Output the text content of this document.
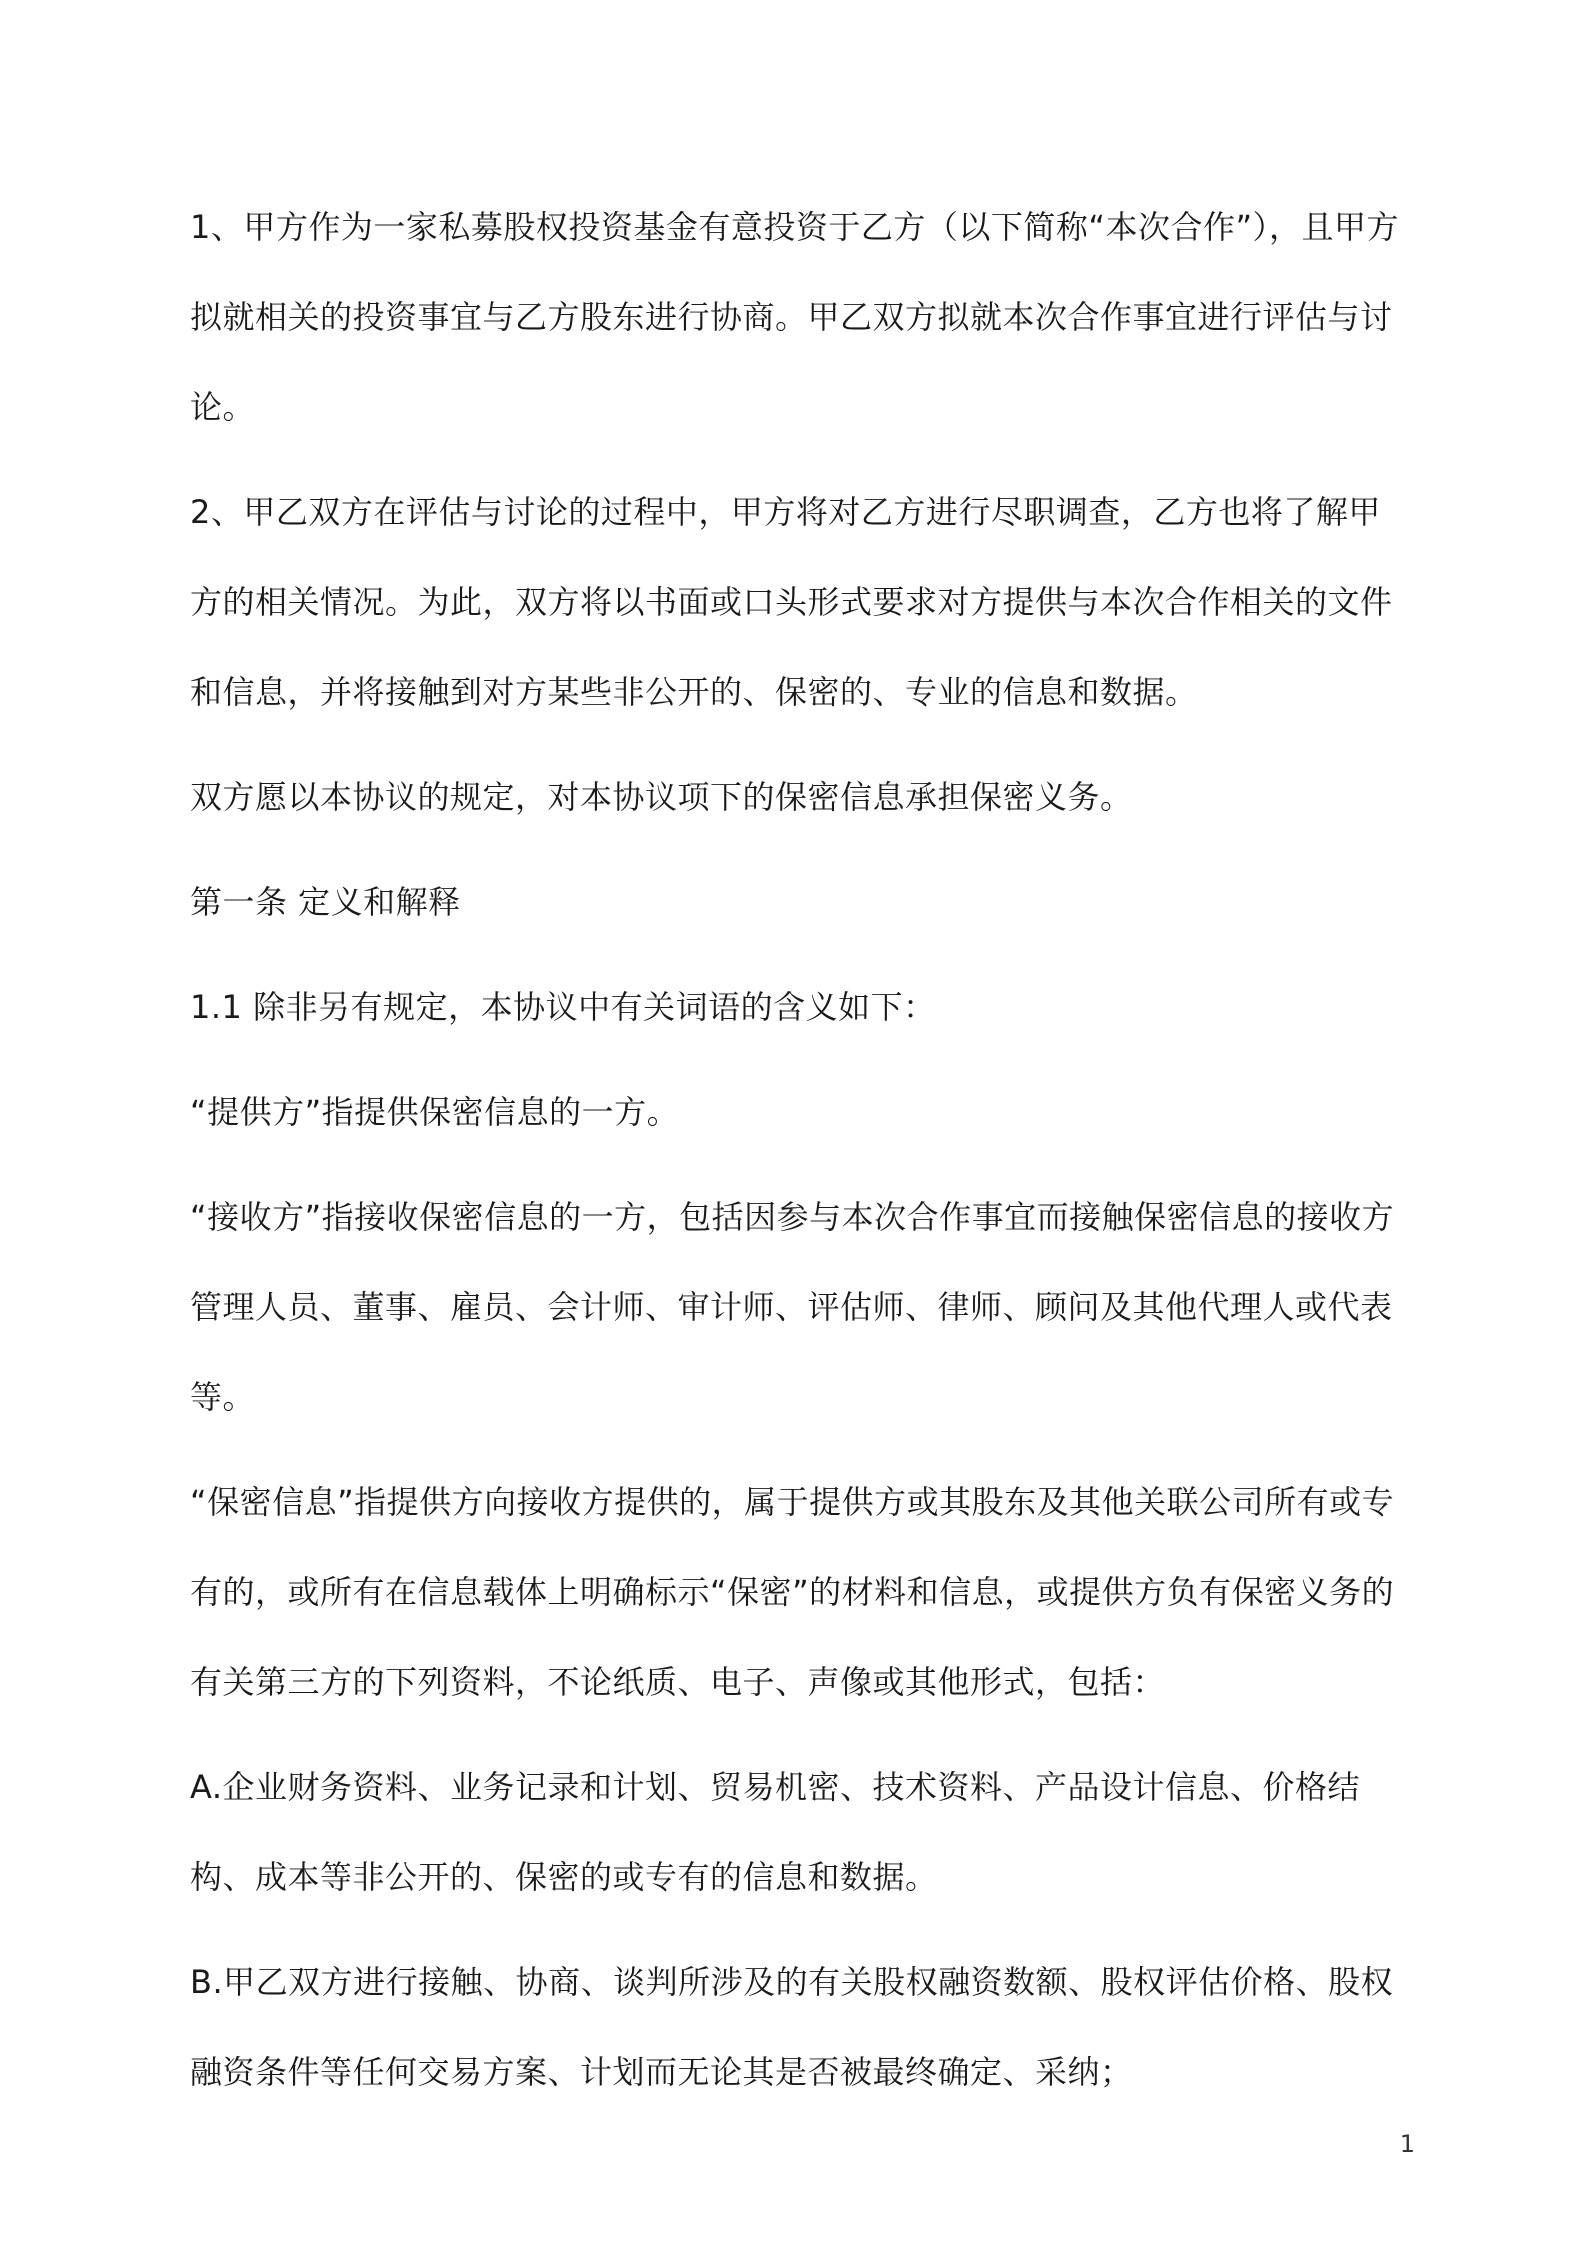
1、甲方作为一家私募股权投资基金有意投资于乙方（以下简称“本次合作”），且甲方拟就相关的投资事宜与乙方股东进行协商。甲乙双方拟就本次合作事宜进行评估与讨论。

2、甲乙双方在评估与讨论的过程中，甲方将对乙方进行尽职调查，乙方也将了解甲方的相关情况。为此，双方将以书面或口头形式要求对方提供与本次合作相关的文件和信息，并将接触到对方某些非公开的、保密的、专业的信息和数据。

双方愿以本协议的规定，对本协议项下的保密信息承担保密义务。

第一条 定义和解释

1.1 除非另有规定，本协议中有关词语的含义如下：

“提供方”指提供保密信息的一方。

“接收方”指接收保密信息的一方，包括因参与本次合作事宜而接触保密信息的接收方管理人员、董事、雇员、会计师、审计师、评估师、律师、顾问及其他代理人或代表等。

“保密信息”指提供方向接收方提供的，属于提供方或其股东及其他关联公司所有或专有的，或所有在信息载体上明确标示“保密”的材料和信息，或提供方负有保密义务的有关第三方的下列资料，不论纸质、电子、声像或其他形式，包括：

A.企业财务资料、业务记录和计划、贸易机密、技术资料、产品设计信息、价格结构、成本等非公开的、保密的或专有的信息和数据。

B.甲乙双方进行接触、协商、谈判所涉及的有关股权融资数额、股权评估价格、股权融资条件等任何交易方案、计划而无论其是否被最终确定、采纳；

1
